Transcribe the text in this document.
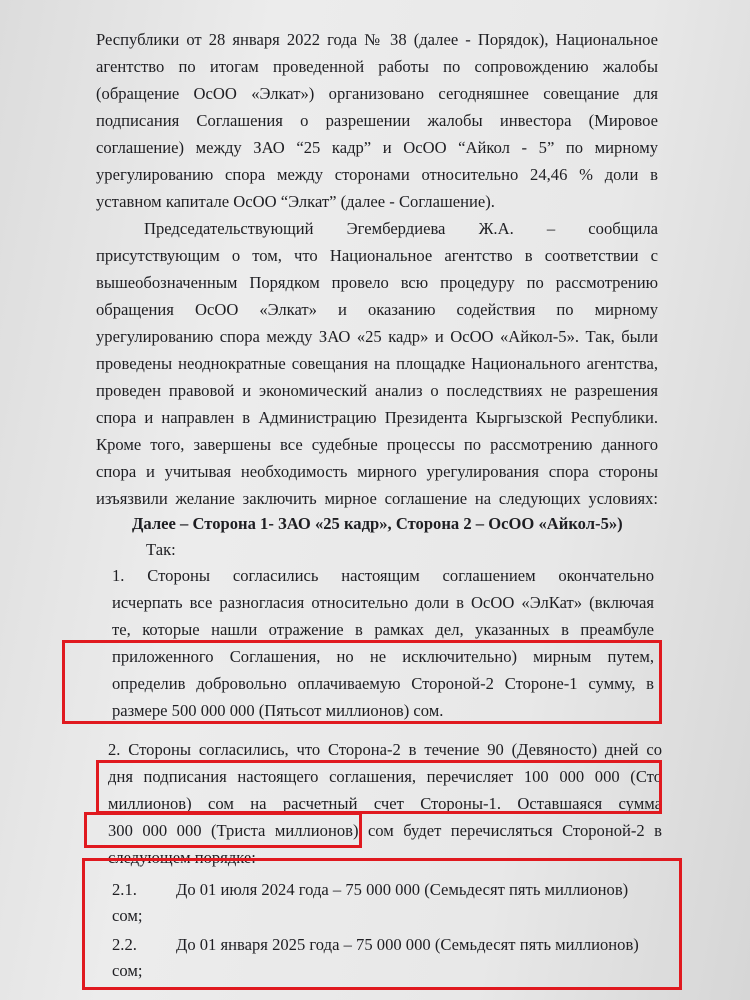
Республики от 28 января 2022 года № 38 (далее - Порядок), Национальное
агентство по итогам проведенной работы по сопровождению жалобы
(обращение ОсОО «Элкат») организовано сегодняшнее совещание для
подписания Соглашения о разрешении жалобы инвестора (Мировое
соглашение) между ЗАО “25 кадр” и ОсОО “Айкол - 5” по мирному
урегулированию спора между сторонами относительно 24,46 % доли в
уставном капитале ОсОО “Элкат” (далее - Соглашение).
Председательствующий Эгембердиева Ж.А. – сообщила
присутствующим о том, что Национальное агентство в соответствии с
вышеобозначенным Порядком провело всю процедуру по рассмотрению
обращения ОсОО «Элкат» и оказанию содействия по мирному
урегулированию спора между ЗАО «25 кадр» и ОсОО «Айкол-5». Так, были
проведены неоднократные совещания на площадке Национального агентства,
проведен правовой и экономический анализ о последствиях не разрешения
спора и направлен в Администрацию Президента Кыргызской Республики.
Кроме того, завершены все судебные процессы по рассмотрению данного
спора и учитывая необходимость мирного урегулирования спора стороны
изъязвили желание заключить мирное соглашение на следующих условиях:
Далее – Сторона 1- ЗАО «25 кадр», Сторона 2 – ОсОО «Айкол-5»)
Так:
1. Стороны согласились настоящим соглашением окончательно
исчерпать все разногласия относительно доли в ОсОО «ЭлКат» (включая
те, которые нашли отражение в рамках дел, указанных в преамбуле
приложенного Соглашения, но не исключительно) мирным путем,
определив добровольно оплачиваемую Стороной-2 Стороне-1 сумму, в
размере 500 000 000 (Пятьсот миллионов) сом.
2. Стороны согласились, что Сторона-2 в течение 90 (Девяносто) дней со
дня подписания настоящего соглашения, перечисляет 100 000 000 (Сто
миллионов) сом на расчетный счет Стороны-1. Оставшаяся сумма
300 000 000 (Триста миллионов) сом будет перечисляться Стороной-2 в
следующем порядке:
2.1. До 01 июля 2024 года – 75 000 000 (Семьдесят пять миллионов)
сом;
2.2. До 01 января 2025 года – 75 000 000 (Семьдесят пять миллионов)
сом;
